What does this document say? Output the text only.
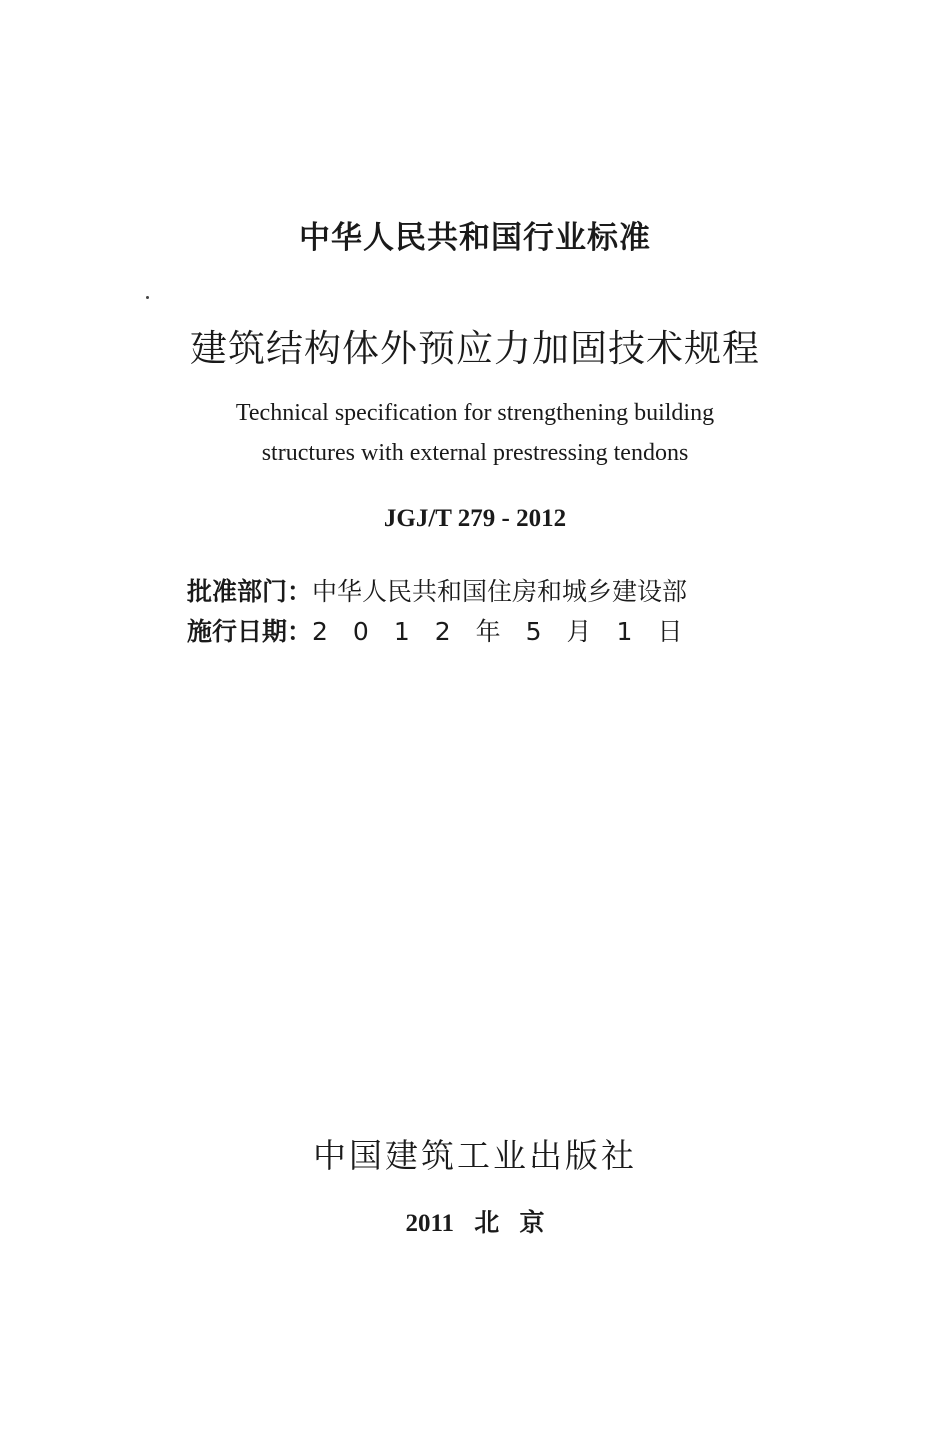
中华人民共和国行业标准
建筑结构体外预应力加固技术规程
Technical specification for strengthening building
structures with external prestressing tendons
JGJ/T 279 - 2012
批准部门： 中华人民共和国住房和城乡建设部
施行日期： 2012年5月1日
中国建筑工业出版社
2011 北 京
